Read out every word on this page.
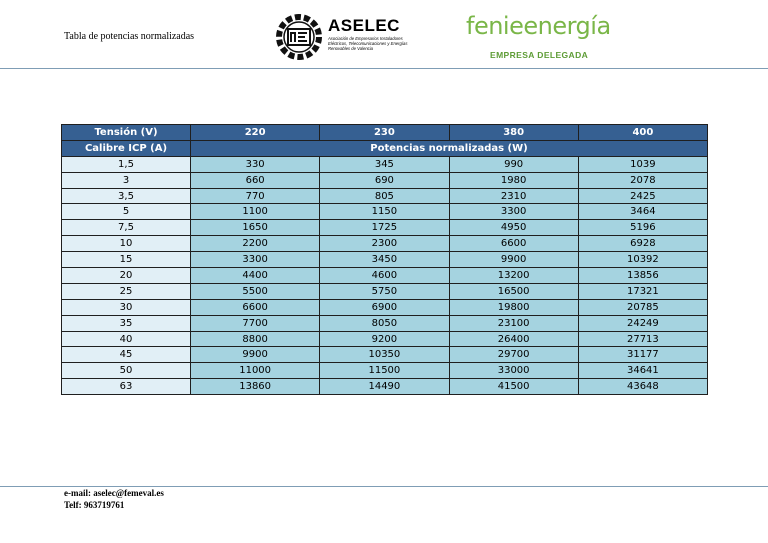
Tabla de potencias normalizadas
ASELEC
Asociación de Empresarios Instaladores Eléctricos, Telecomunicaciones y Energías Renovables de Valencia
fenieenergía
EMPRESA DELEGADA
Tensión (V)	220	230	380	400
Calibre ICP (A)	Potencias normalizadas (W)			
1,5	330	345	990	1039
3	660	690	1980	2078
3,5	770	805	2310	2425
5	1100	1150	3300	3464
7,5	1650	1725	4950	5196
10	2200	2300	6600	6928
15	3300	3450	9900	10392
20	4400	4600	13200	13856
25	5500	5750	16500	17321
30	6600	6900	19800	20785
35	7700	8050	23100	24249
40	8800	9200	26400	27713
45	9900	10350	29700	31177
50	11000	11500	33000	34641
63	13860	14490	41500	43648
e-mail: aselec@femeval.es
Telf: 963719761
